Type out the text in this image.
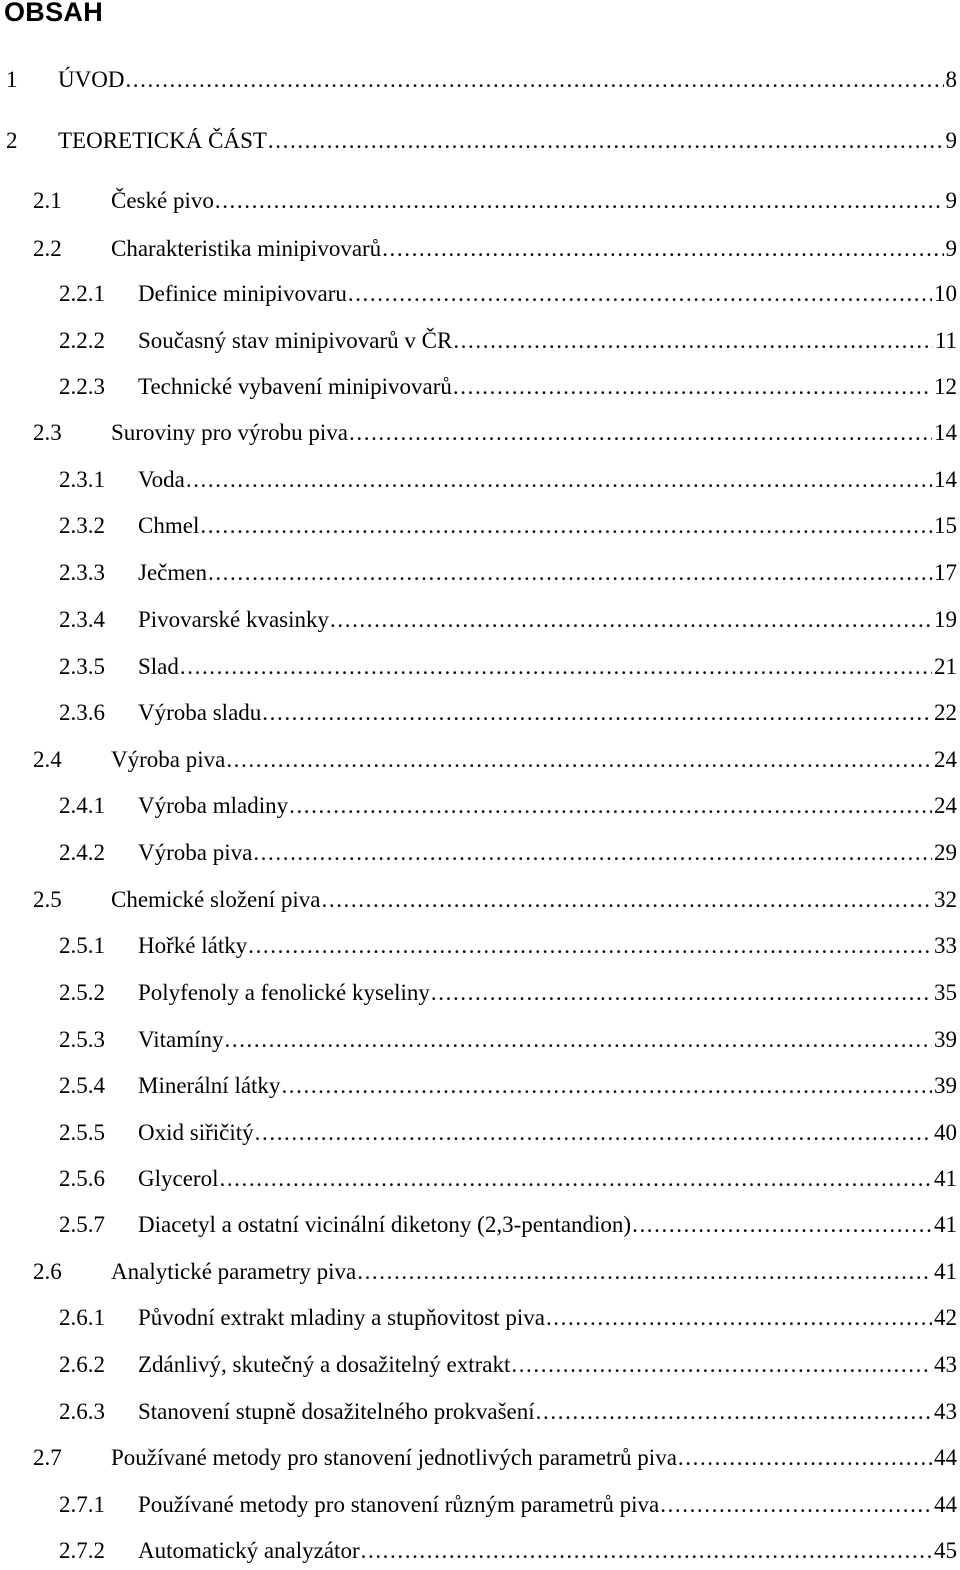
OBSAH
1	ÚVOD .....	8
2	TEORETICKÁ ČÁST .....	9
2.1	České pivo .....	9
2.2	Charakteristika minipivovarů .....	9
2.2.1	Definice minipivovaru .....	10
2.2.2	Současný stav minipivovarů v ČR .....	11
2.2.3	Technické vybavení minipivovarů .....	12
2.3	Suroviny pro výrobu piva .....	14
2.3.1	Voda .....	14
2.3.2	Chmel .....	15
2.3.3	Ječmen .....	17
2.3.4	Pivovarské kvasinky .....	19
2.3.5	Slad .....	21
2.3.6	Výroba sladu .....	22
2.4	Výroba piva .....	24
2.4.1	Výroba mladiny .....	24
2.4.2	Výroba piva .....	29
2.5	Chemické složení piva .....	32
2.5.1	Hořké látky .....	33
2.5.2	Polyfenoly a fenolické kyseliny .....	35
2.5.3	Vitamíny .....	39
2.5.4	Minerální látky .....	39
2.5.5	Oxid siřičitý .....	40
2.5.6	Glycerol .....	41
2.5.7	Diacetyl a ostatní vicinální diketony (2,3-pentandion) .....	41
2.6	Analytické parametry piva .....	41
2.6.1	Původní extrakt mladiny a stupňovitost piva .....	42
2.6.2	Zdánlivý, skutečný a dosažitelný extrakt .....	43
2.6.3	Stanovení stupně dosažitelného prokvašení .....	43
2.7	Používané metody pro stanovení jednotlivých parametrů piva .....	44
2.7.1	Používané metody pro stanovení různým parametrů piva .....	44
2.7.2	Automatický analyzátor .....	45
